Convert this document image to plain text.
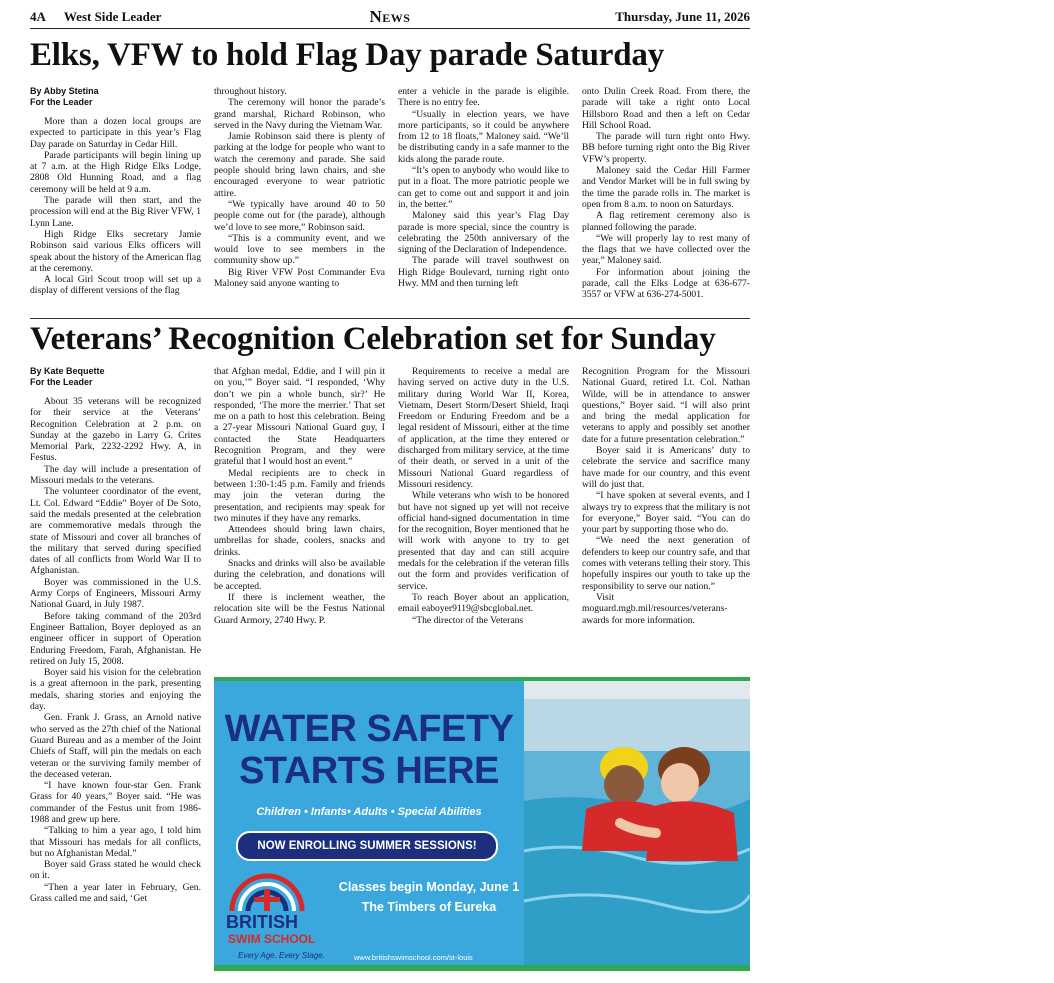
4A West Side Leader	News	Thursday, June 11, 2026
Elks, VFW to hold Flag Day parade Saturday
By Abby Stetina
For the Leader

More than a dozen local groups are expected to participate in this year’s Flag Day parade on Saturday in Cedar Hill.

Parade participants will begin lining up at 7 a.m. at the High Ridge Elks Lodge, 2808 Old Hunning Road, and a flag ceremony will be held at 9 a.m.

The parade will then start, and the procession will end at the Big River VFW, 1 Lynn Lane.

High Ridge Elks secretary Jamie Robinson said various Elks officers will speak about the history of the American flag at the ceremony.

A local Girl Scout troop will set up a display of different versions of the flag

throughout history.

The ceremony will honor the parade’s grand marshal, Richard Robinson, who served in the Navy during the Vietnam War.

Jamie Robinson said there is plenty of parking at the lodge for people who want to watch the ceremony and parade. She said people should bring lawn chairs, and she encouraged everyone to wear patriotic attire.

“We typically have around 40 to 50 people come out for (the parade), although we’d love to see more,” Robinson said.

“This is a community event, and we would love to see members in the community show up.”

Big River VFW Post Commander Eva Maloney said anyone wanting to

enter a vehicle in the parade is eligible. There is no entry fee.

“Usually in election years, we have more participants, so it could be anywhere from 12 to 18 floats,” Maloney said. “We’ll be distributing candy in a safe manner to the kids along the parade route.

“It’s open to anybody who would like to put in a float. The more patriotic people we can get to come out and support it and join in, the better.”

Maloney said this year’s Flag Day parade is more special, since the country is celebrating the 250th anniversary of the signing of the Declaration of Independence.

The parade will travel southwest on High Ridge Boulevard, turning right onto Hwy. MM and then turning left

onto Dulin Creek Road. From there, the parade will take a right onto Local Hillsboro Road and then a left on Cedar Hill School Road.

The parade will turn right onto Hwy. BB before turning right onto the Big River VFW’s property.

Maloney said the Cedar Hill Farmer and Vendor Market will be in full swing by the time the parade rolls in. The market is open from 8 a.m. to noon on Saturdays.

A flag retirement ceremony also is planned following the parade.

“We will properly lay to rest many of the flags that we have collected over the year,” Maloney said.

For information about joining the parade, call the Elks Lodge at 636-677-3557 or VFW at 636-274-5001.

Veterans’ Recognition Celebration set for Sunday
By Kate Bequette
For the Leader

About 35 veterans will be recognized for their service at the Veterans’ Recognition Celebration at 2 p.m. on Sunday at the gazebo in Larry G. Crites Memorial Park, 2232-2292 Hwy. A, in Festus.

The day will include a presentation of Missouri medals to the veterans.

The volunteer coordinator of the event, Lt. Col. Edward “Eddie” Boyer of De Soto, said the medals presented at the celebration are commemorative medals through the state of Missouri and cover all branches of the military that served during specified dates of all conflicts from World War II to Afghanistan.

Boyer was commissioned in the U.S. Army Corps of Engineers, Missouri Army National Guard, in July 1987.

Before taking command of the 203rd Engineer Battalion, Boyer deployed as an engineer officer in support of Operation Enduring Freedom, Farah, Afghanistan. He retired on July 15, 2008.

Boyer said his vision for the celebration is a great afternoon in the park, presenting medals, sharing stories and enjoying the day.

Gen. Frank J. Grass, an Arnold native who served as the 27th chief of the National Guard Bureau and as a member of the Joint Chiefs of Staff, will pin the medals on each veteran or the surviving family member of the deceased veteran.

“I have known four-star Gen. Frank Grass for 40 years,” Boyer said. “He was commander of the Festus unit from 1986-1988 and grew up here.

“Talking to him a year ago, I told him that Missouri has medals for all conflicts, but no Afghanistan Medal.”

Boyer said Grass stated he would check on it.

“Then a year later in February, Gen. Grass called me and said, ‘Get

that Afghan medal, Eddie, and I will pin it on you,’” Boyer said. “I responded, ‘Why don’t we pin a whole bunch, sir?’ He responded, ‘The more the merrier.’ That set me on a path to host this celebration. Being a 27-year Missouri National Guard guy, I contacted the State Headquarters Recognition Program, and they were grateful that I would host an event.”

Medal recipients are to check in between 1:30-1:45 p.m. Family and friends may join the veteran during the presentation, and recipients may speak for two minutes if they have any remarks.

Attendees should bring lawn chairs, umbrellas for shade, coolers, snacks and drinks.

Snacks and drinks will also be available during the celebration, and donations will be accepted.

If there is inclement weather, the relocation site will be the Festus National Guard Armory, 2740 Hwy. P.

Requirements to receive a medal are having served on active duty in the U.S. military during World War II, Korea, Vietnam, Desert Storm/Desert Shield, Iraqi Freedom or Enduring Freedom and be a legal resident of Missouri, either at the time of application, at the time they entered or discharged from military service, at the time of their death, or served in a unit of the Missouri National Guard regardless of Missouri residency.

While veterans who wish to be honored but have not signed up yet will not receive official hand-signed documentation in time for the recognition, Boyer mentioned that he will work with anyone to try to get presented that day and can still acquire medals for the celebration if the veteran fills out the form and provides verification of service.

To reach Boyer about an application, email eaboyer9119@sbcglobal.net.

“The director of the Veterans

Recognition Program for the Missouri National Guard, retired Lt. Col. Nathan Wilde, will be in attendance to answer questions,” Boyer said. “I will also print and bring the medal application for veterans to apply and possibly set another date for a future presentation celebration.”

Boyer said it is Americans’ duty to celebrate the service and sacrifice many have made for our country, and this event will do just that.

“I have spoken at several events, and I always try to express that the military is not for everyone,” Boyer said. “You can do your part by supporting those who do.

“We need the next generation of defenders to keep our country safe, and that comes with veterans telling their story. This hopefully inspires our youth to take up the responsibility to serve our nation.”

Visit moguard.mgb.mil/resources/veterans-awards for more information.

WATER SAFETY
STARTS HERE
Children • Infants• Adults • Special Abilities
NOW ENROLLING SUMMER SESSIONS!
Classes begin Monday, June 1
The Timbers of Eureka
BRITISH
SWIM SCHOOL
Every Age. Every Stage.	www.britishswimschool.com/st-louis
THE
TIMBERS
OF EUREKA
✿
